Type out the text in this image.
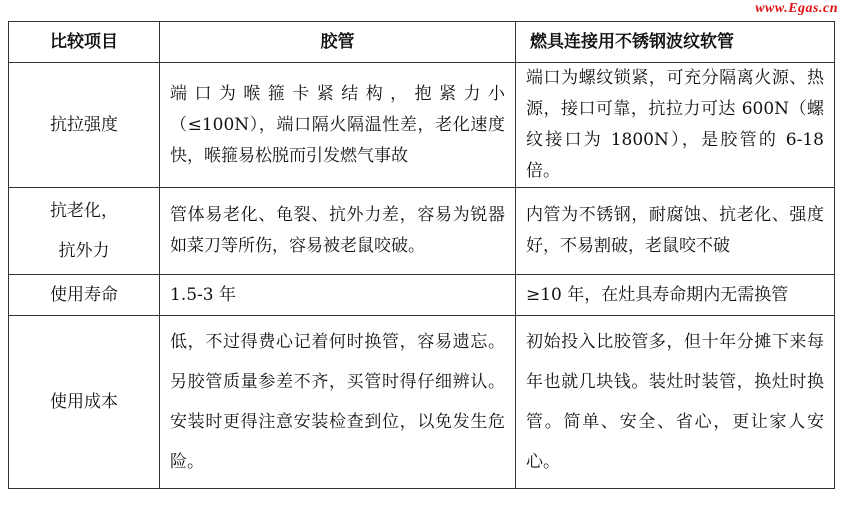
www.Egas.cn
比较项目	胶管	燃具连接用不锈钢波纹软管
抗拉强度	端口为喉箍卡紧结构，抱紧力小（≤100N），端口隔火隔温性差，老化速度快，喉箍易松脱而引发燃气事故	端口为螺纹锁紧，可充分隔离火源、热源，接口可靠，抗拉力可达 600N（螺纹接口为 1800N），是胶管的 6-18 倍。
抗老化，抗外力	管体易老化、龟裂、抗外力差，容易为锐器如菜刀等所伤，容易被老鼠咬破。	内管为不锈钢，耐腐蚀、抗老化、强度好，不易割破，老鼠咬不破
使用寿命	1.5-3 年	≥10 年，在灶具寿命期内无需换管
使用成本	低，不过得费心记着何时换管，容易遗忘。另胶管质量参差不齐，买管时得仔细辨认。安装时更得注意安装检查到位，以免发生危险。	初始投入比胶管多，但十年分摊下来每年也就几块钱。装灶时装管，换灶时换管。简单、安全、省心，更让家人安心。
